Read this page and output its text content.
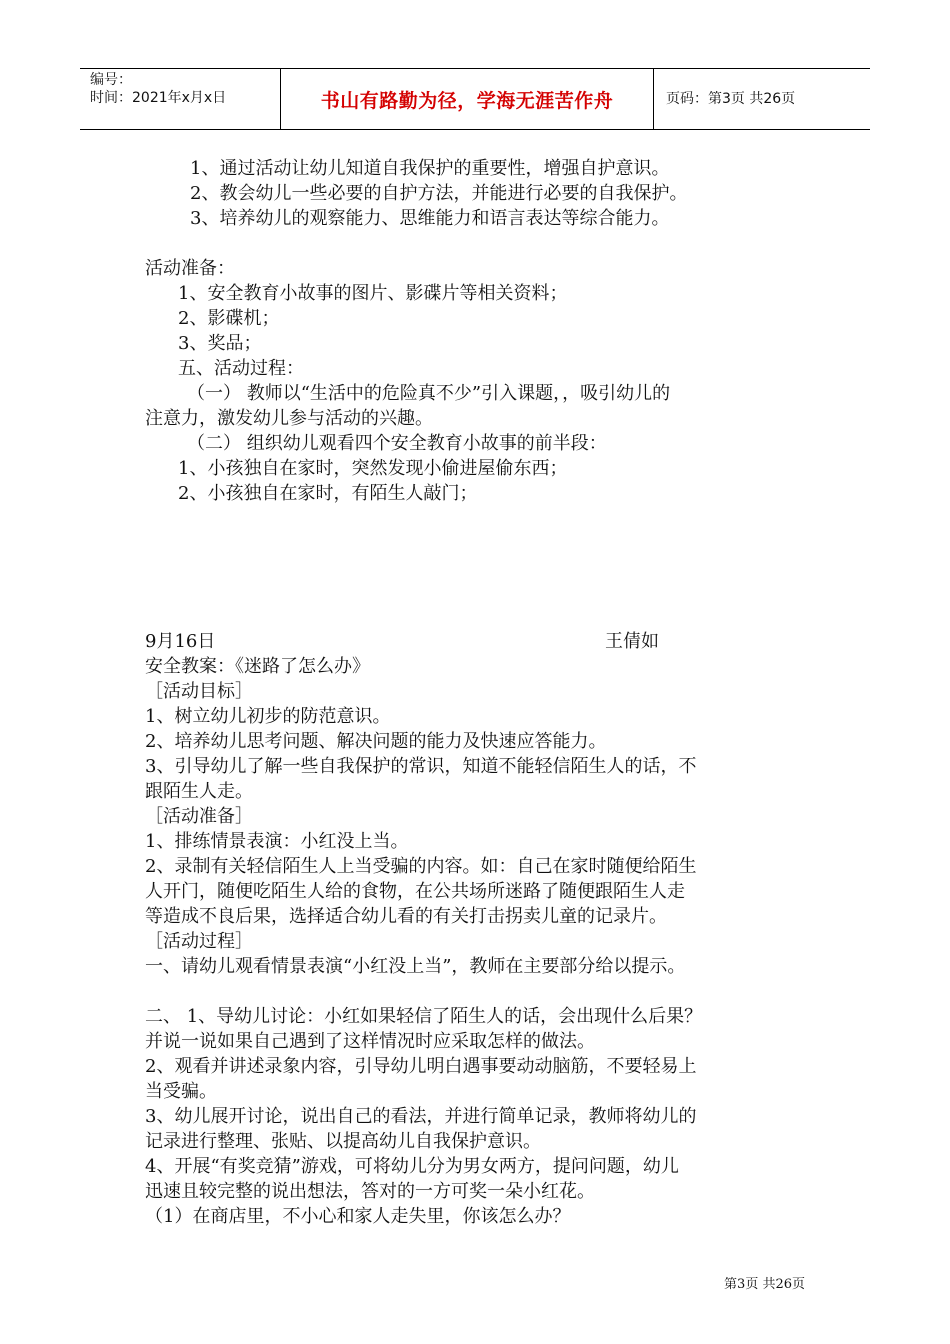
编号：
时间：2021年x月x日	书山有路勤为径，学海无涯苦作舟	页码：第3页 共26页
1、通过活动让幼儿知道自我保护的重要性，增强自护意识。
2、教会幼儿一些必要的自护方法，并能进行必要的自我保护。
3、培养幼儿的观察能力、思维能力和语言表达等综合能力。
活动准备：
1、安全教育小故事的图片、影碟片等相关资料；
2、影碟机；
3、奖品；
五、活动过程：
（一） 教师以“生活中的危险真不少”引入课题，，吸引幼儿的
注意力，激发幼儿参与活动的兴趣。
（二） 组织幼儿观看四个安全教育小故事的前半段：
1、小孩独自在家时，突然发现小偷进屋偷东西；
2、小孩独自在家时，有陌生人敲门；
9月16日	王倩如
安全教案：《迷路了怎么办》
［活动目标］
1、树立幼儿初步的防范意识。
2、培养幼儿思考问题、解决问题的能力及快速应答能力。
3、引导幼儿了解一些自我保护的常识，知道不能轻信陌生人的话，不
跟陌生人走。
［活动准备］
1、排练情景表演：小红没上当。
2、录制有关轻信陌生人上当受骗的内容。如：自己在家时随便给陌生
人开门，随便吃陌生人给的食物，在公共场所迷路了随便跟陌生人走
等造成不良后果，选择适合幼儿看的有关打击拐卖儿童的记录片。
［活动过程］
一、请幼儿观看情景表演“小红没上当”，教师在主要部分给以提示。
二、 1、导幼儿讨论：小红如果轻信了陌生人的话，会出现什么后果？
并说一说如果自己遇到了这样情况时应采取怎样的做法。
2、观看并讲述录象内容，引导幼儿明白遇事要动动脑筋，不要轻易上
当受骗。
3、幼儿展开讨论，说出自己的看法，并进行简单记录，教师将幼儿的
记录进行整理、张贴、以提高幼儿自我保护意识。
4、开展“有奖竞猜”游戏，可将幼儿分为男女两方，提问问题，幼儿
迅速且较完整的说出想法，答对的一方可奖一朵小红花。
（1）在商店里，不小心和家人走失里，你该怎么办？
第3页 共26页
